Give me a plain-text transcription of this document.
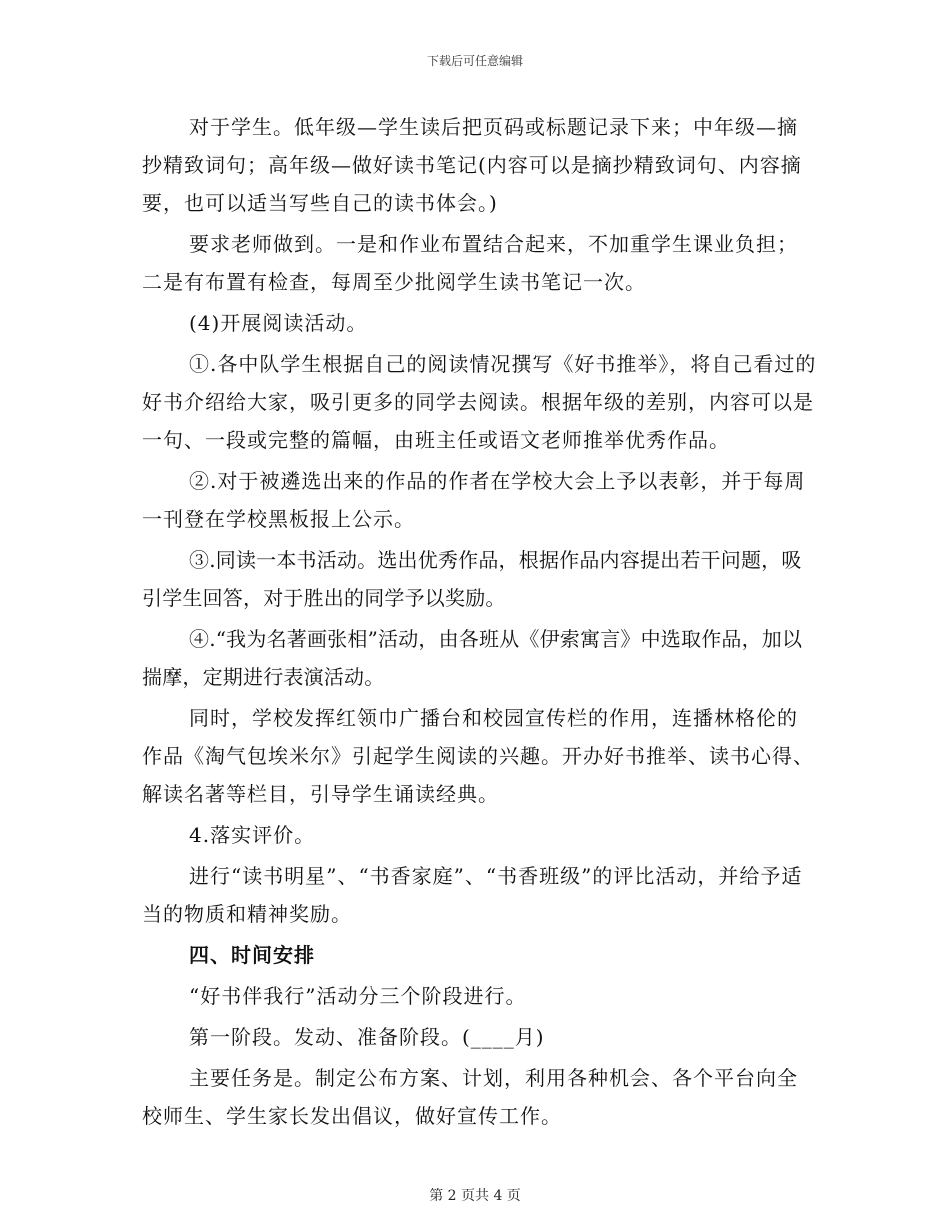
下载后可任意编辑

对于学生。低年级—学生读后把页码或标题记录下来；中年级—摘抄精致词句；高年级—做好读书笔记(内容可以是摘抄精致词句、内容摘要，也可以适当写些自己的读书体会。)

要求老师做到。一是和作业布置结合起来，不加重学生课业负担；二是有布置有检查，每周至少批阅学生读书笔记一次。

(4)开展阅读活动。

①.各中队学生根据自己的阅读情况撰写《好书推举》，将自己看过的好书介绍给大家，吸引更多的同学去阅读。根据年级的差别，内容可以是一句、一段或完整的篇幅，由班主任或语文老师推举优秀作品。

②.对于被遴选出来的作品的作者在学校大会上予以表彰，并于每周一刊登在学校黑板报上公示。

③.同读一本书活动。选出优秀作品，根据作品内容提出若干问题，吸引学生回答，对于胜出的同学予以奖励。

④.“我为名著画张相”活动，由各班从《伊索寓言》中选取作品，加以揣摩，定期进行表演活动。

同时，学校发挥红领巾广播台和校园宣传栏的作用，连播林格伦的作品《淘气包埃米尔》引起学生阅读的兴趣。开办好书推举、读书心得、解读名著等栏目，引导学生诵读经典。

4.落实评价。

进行“读书明星”、“书香家庭”、“书香班级”的评比活动，并给予适当的物质和精神奖励。

四、时间安排

“好书伴我行”活动分三个阶段进行。

第一阶段。发动、准备阶段。(____月)

主要任务是。制定公布方案、计划，利用各种机会、各个平台向全校师生、学生家长发出倡议，做好宣传工作。

第 2 页共 4 页
